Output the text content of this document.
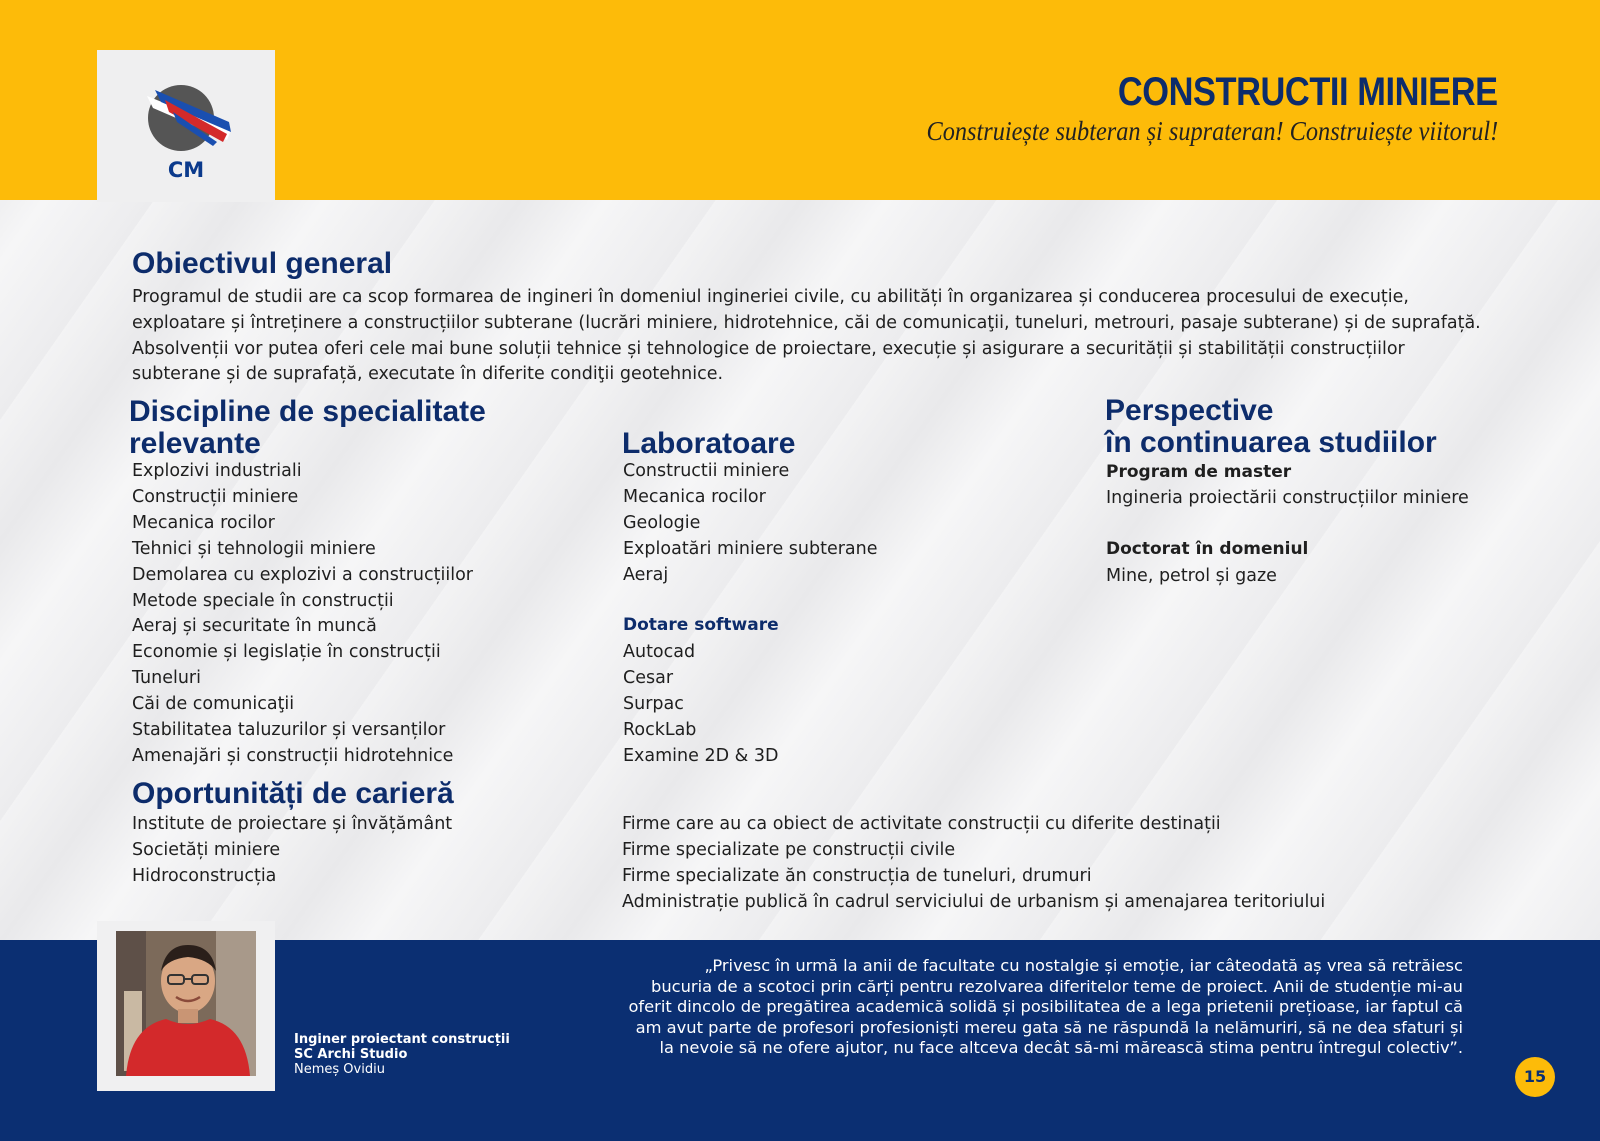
CM
CONSTRUCTII MINIERE
Construiește subteran și suprateran! Construiește viitorul!
Obiectivul general
Programul de studii are ca scop formarea de ingineri în domeniul ingineriei civile, cu abilități în organizarea și conducerea procesului de execuție,
exploatare și întreținere a construcțiilor subterane (lucrări miniere, hidrotehnice, căi de comunicaţii, tuneluri, metrouri, pasaje subterane) și de suprafață.
Absolvenții vor putea oferi cele mai bune soluții tehnice și tehnologice de proiectare, execuție și asigurare a securității și stabilității construcțiilor
subterane și de suprafață, executate în diferite condiţii geotehnice.
Discipline de specialitate
relevante
Explozivi industriali
Construcții miniere
Mecanica rocilor
Tehnici și tehnologii miniere
Demolarea cu explozivi a construcțiilor
Metode speciale în construcții
Aeraj și securitate în muncă
Economie și legislație în construcții
Tuneluri
Căi de comunicaţii
Stabilitatea taluzurilor și versanților
Amenajări și construcții hidrotehnice
Laboratoare
Constructii miniere
Mecanica rocilor
Geologie
Exploatări miniere subterane
Aeraj
Dotare software
Autocad
Cesar
Surpac
RockLab
Examine 2D & 3D
Perspective
în continuarea studiilor
Program de master
Ingineria proiectării construcțiilor miniere
Doctorat în domeniul
Mine, petrol și gaze
Oportunități de carieră
Institute de proiectare și învățământ
Societăți miniere
Hidroconstrucția
Firme care au ca obiect de activitate construcții cu diferite destinații
Firme specializate pe construcții civile
Firme specializate ăn construcția de tuneluri, drumuri
Administrație publică în cadrul serviciului de urbanism și amenajarea teritoriului
Inginer proiectant construcții
SC Archi Studio
Nemeș Ovidiu
„Privesc în urmă la anii de facultate cu nostalgie și emoție, iar câteodată aș vrea să retrăiesc
bucuria de a scotoci prin cărți pentru rezolvarea diferitelor teme de proiect. Anii de studenție mi-au
oferit dincolo de pregătirea academică solidă și posibilitatea de a lega prietenii prețioase, iar faptul că
am avut parte de profesori profesioniști mereu gata să ne răspundă la nelămuriri, să ne dea sfaturi și
la nevoie să ne ofere ajutor, nu face altceva decât să-mi mărească stima pentru întregul colectiv”.
15
